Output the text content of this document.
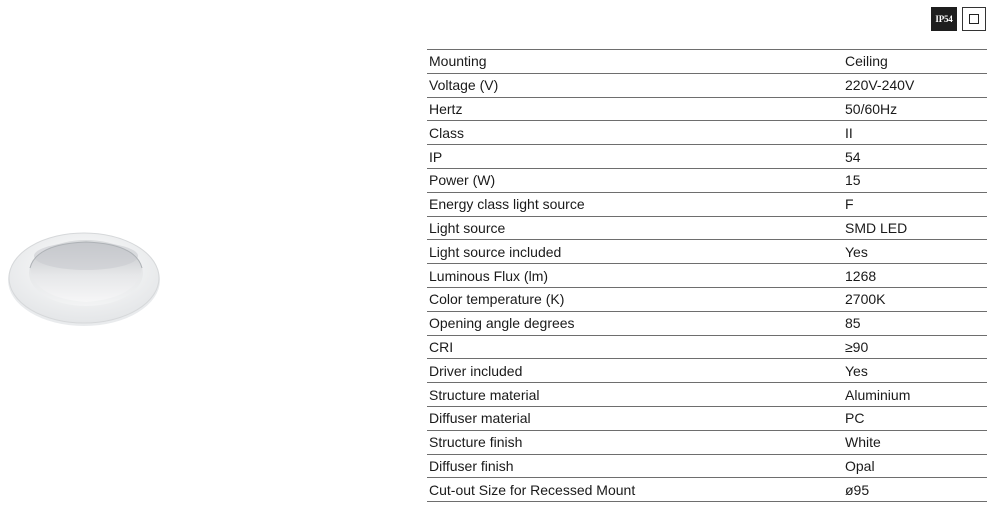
IP54
Mounting	Ceiling
Voltage (V)	220V-240V
Hertz	50/60Hz
Class	II
IP	54
Power (W)	15
Energy class light source	F
Light source	SMD LED
Light source included	Yes
Luminous Flux (lm)	1268
Color temperature (K)	2700K
Opening angle degrees	85
CRI	≥90
Driver included	Yes
Structure material	Aluminium
Diffuser material	PC
Structure finish	White
Diffuser finish	Opal
Cut-out Size for Recessed Mount	ø95
